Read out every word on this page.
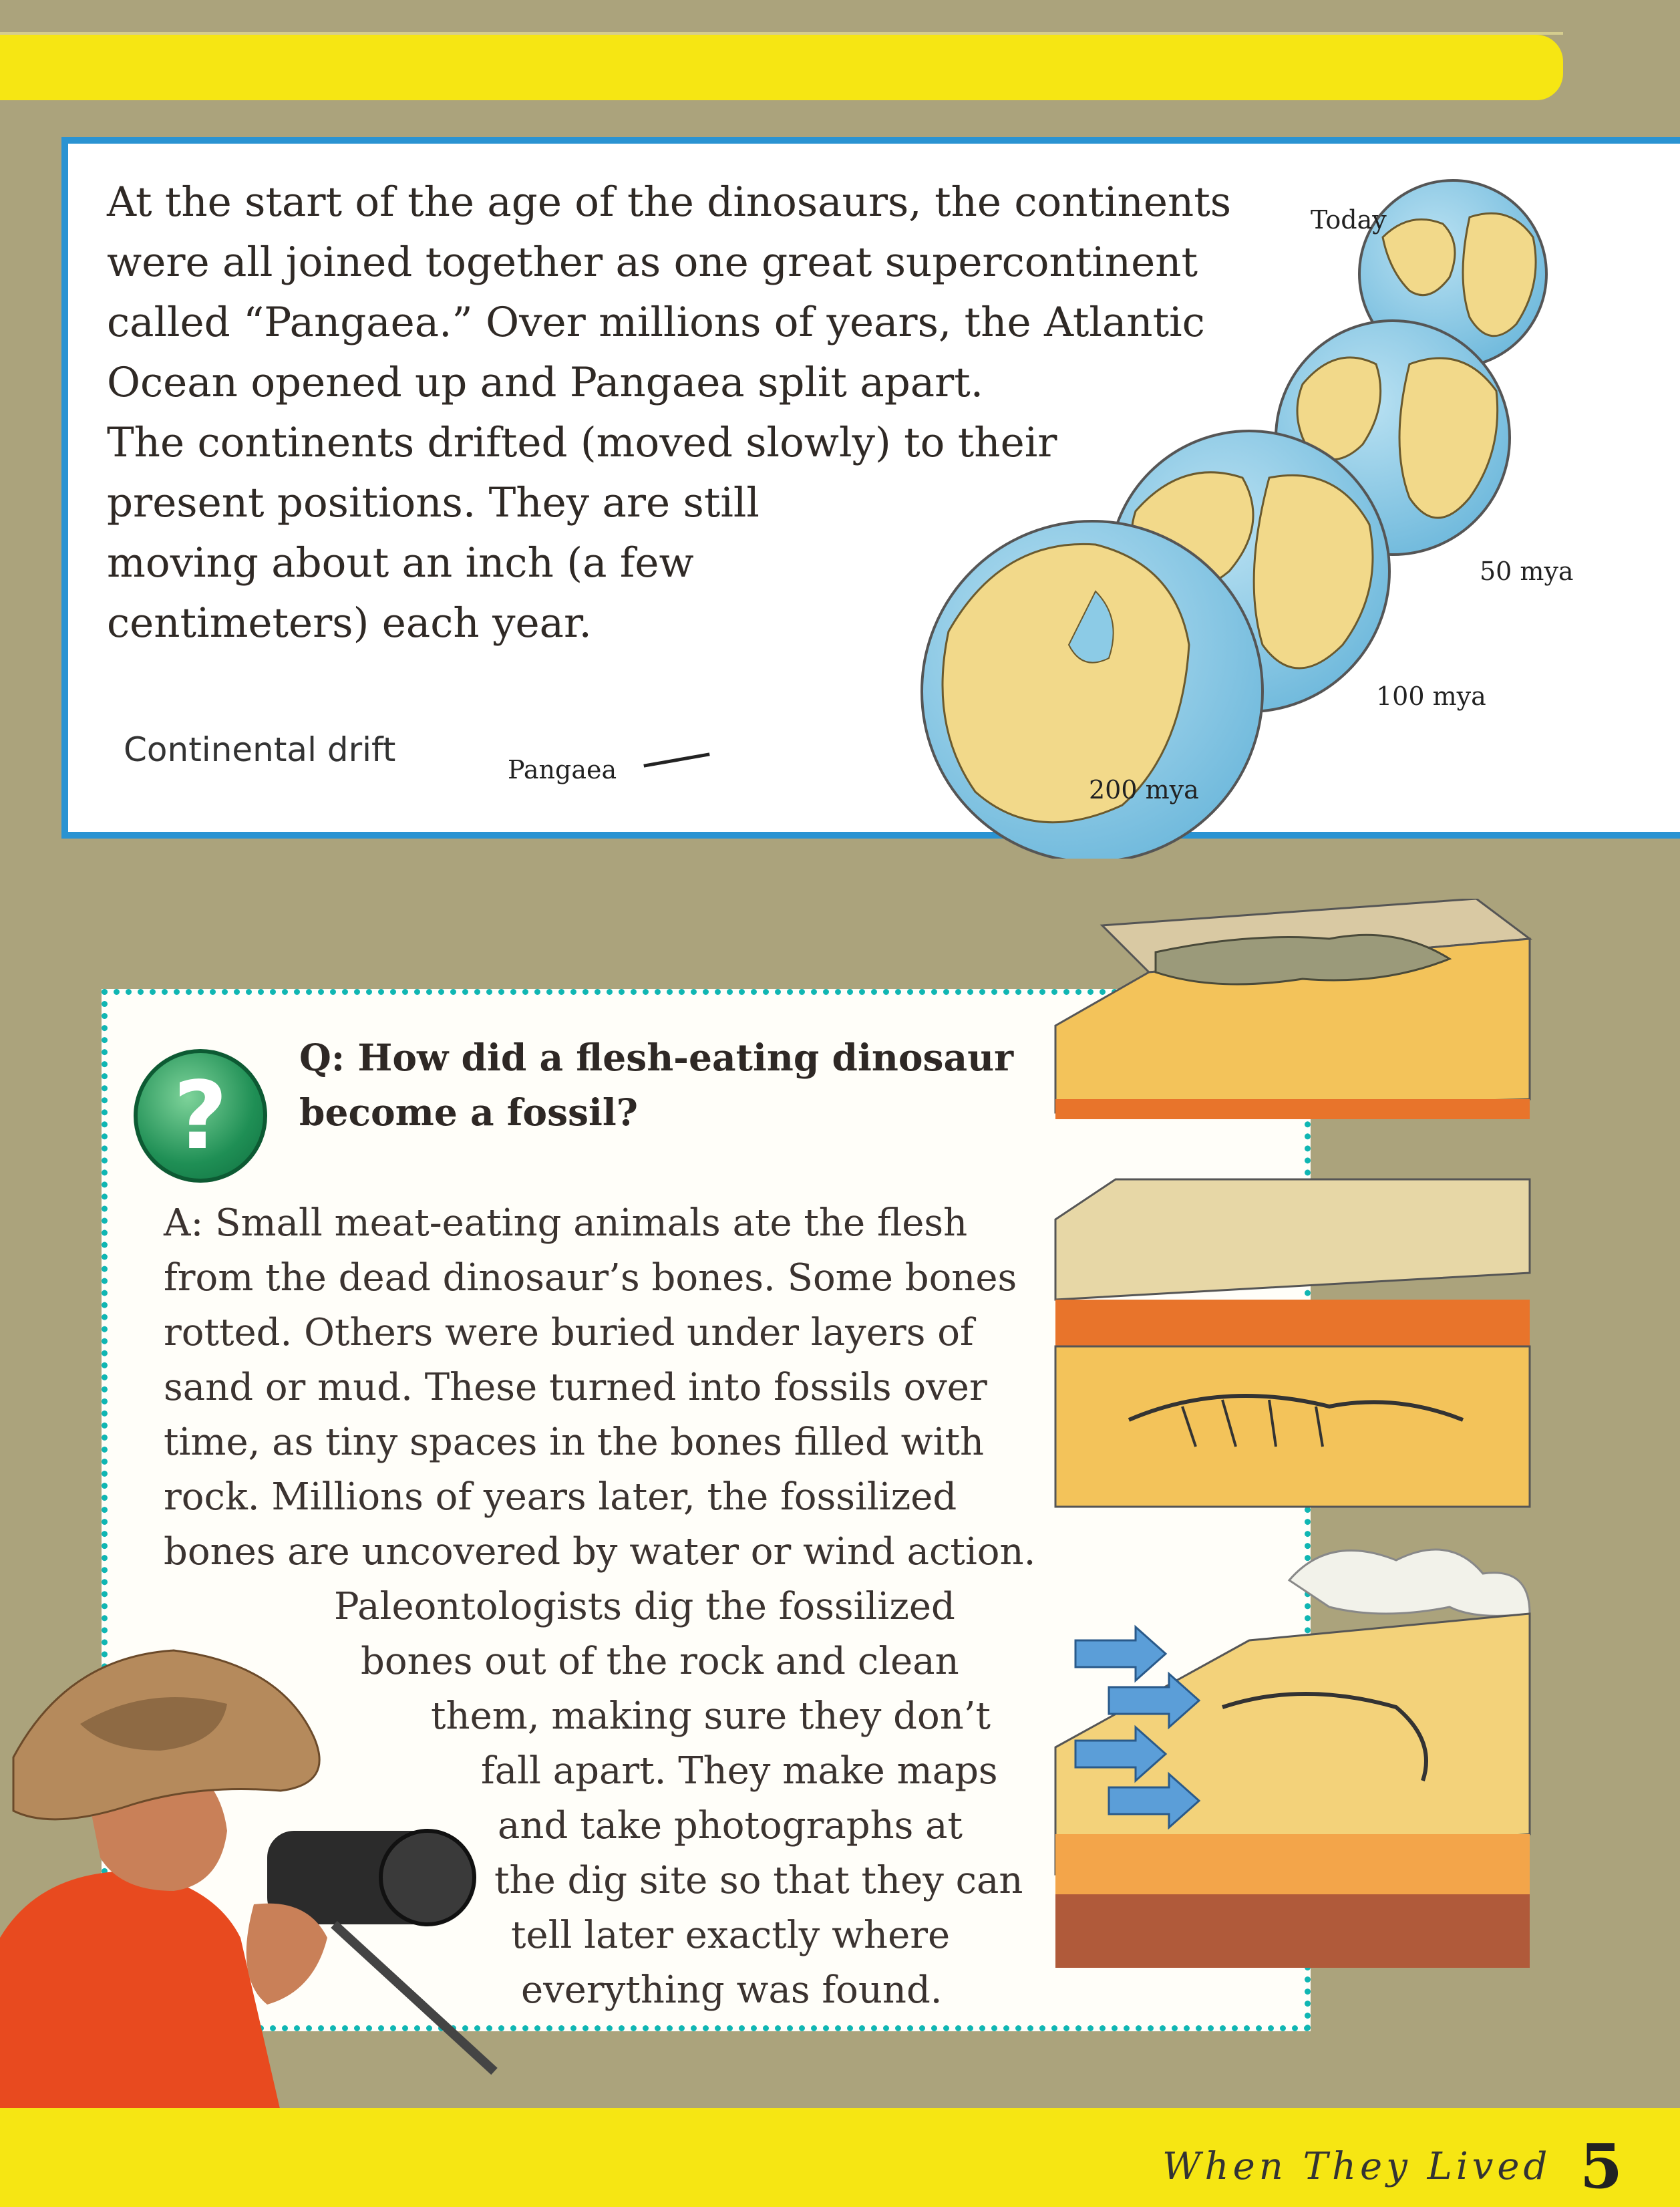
At the start of the age of the dinosaurs, the continents
were all joined together as one great supercontinent
called “Pangaea.” Over millions of years, the Atlantic
Ocean opened up and Pangaea split apart.
The continents drifted (moved slowly) to their
present positions. They are still
moving about an inch (a few
centimeters) each year.

Continental drift
Pangaea
200 mya
100 mya
50 mya
Today
?

Q: How did a flesh-eating dinosaur
become a fossil?

A: Small meat-eating animals ate the flesh
from the dead dinosaur’s bones. Some bones
rotted. Others were buried under layers of
sand or mud. These turned into fossils over
time, as tiny spaces in the bones filled with
rock. Millions of years later, the fossilized
bones are uncovered by water or wind action.
Paleontologists dig the fossilized
bones out of the rock and clean
them, making sure they don’t
fall apart. They make maps
and take photographs at
the dig site so that they can
tell later exactly where
everything was found.

When They Lived 5
